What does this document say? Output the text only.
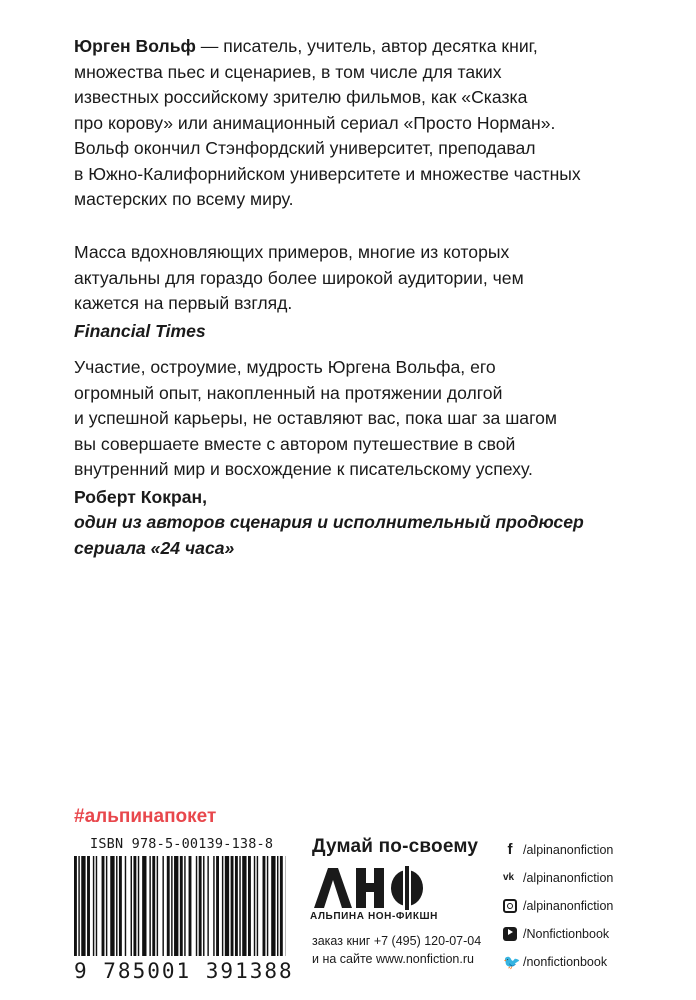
Юрген Вольф — писатель, учитель, автор десятка книг,
множества пьес и сценариев, в том числе для таких
известных российскому зрителю фильмов, как «Сказка
про корову» или анимационный сериал «Просто Норман».
Вольф окончил Стэнфордский университет, преподавал
в Южно-Калифорнийском университете и множестве частных
мастерских по всему миру.
Масса вдохновляющих примеров, многие из которых
актуальны для гораздо более широкой аудитории, чем
кажется на первый взгляд.
Financial Times
Участие, остроумие, мудрость Юргена Вольфа, его
огромный опыт, накопленный на протяжении долгой
и успешной карьеры, не оставляют вас, пока шаг за шагом
вы совершаете вместе с автором путешествие в свой
внутренний мир и восхождение к писательскому успеху.
Роберт Кокран,
один из авторов сценария и исполнительный продюсер
сериала «24 часа»
#альпинапокет
ISBN 978-5-00139-138-8
9 785001 391388
Думай по-своему
АЛЬПИНА НОН-ФИКШН
заказ книг +7 (495) 120-07-04
и на сайте www.nonfiction.ru
f /alpinanonfiction
vk /alpinanonfiction
/alpinanonfiction
/Nonfictionbook
🐦 /nonfictionbook
